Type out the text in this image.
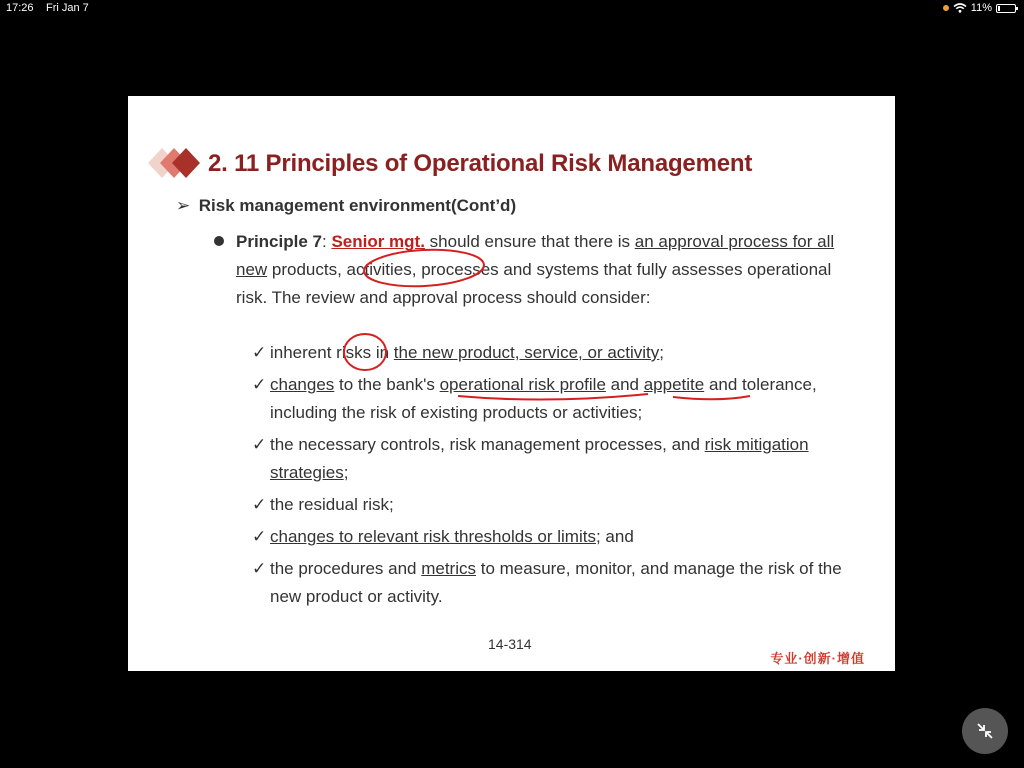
17:26 Fri Jan 7	11%
2. 11 Principles of Operational Risk Management
➢ Risk management environment(Cont’d)
Principle 7: Senior mgt. should ensure that there is an approval process for all new products, activities, processes and systems that fully assesses operational risk. The review and approval process should consider:
✓ inherent risks in the new product, service, or activity;
✓ changes to the bank's operational risk profile and appetite and tolerance, including the risk of existing products or activities;
✓ the necessary controls, risk management processes, and risk mitigation strategies;
✓ the residual risk;
✓ changes to relevant risk thresholds or limits; and
✓ the procedures and metrics to measure, monitor, and manage the risk of the new product or activity.
14-314
专业·创新·增值
